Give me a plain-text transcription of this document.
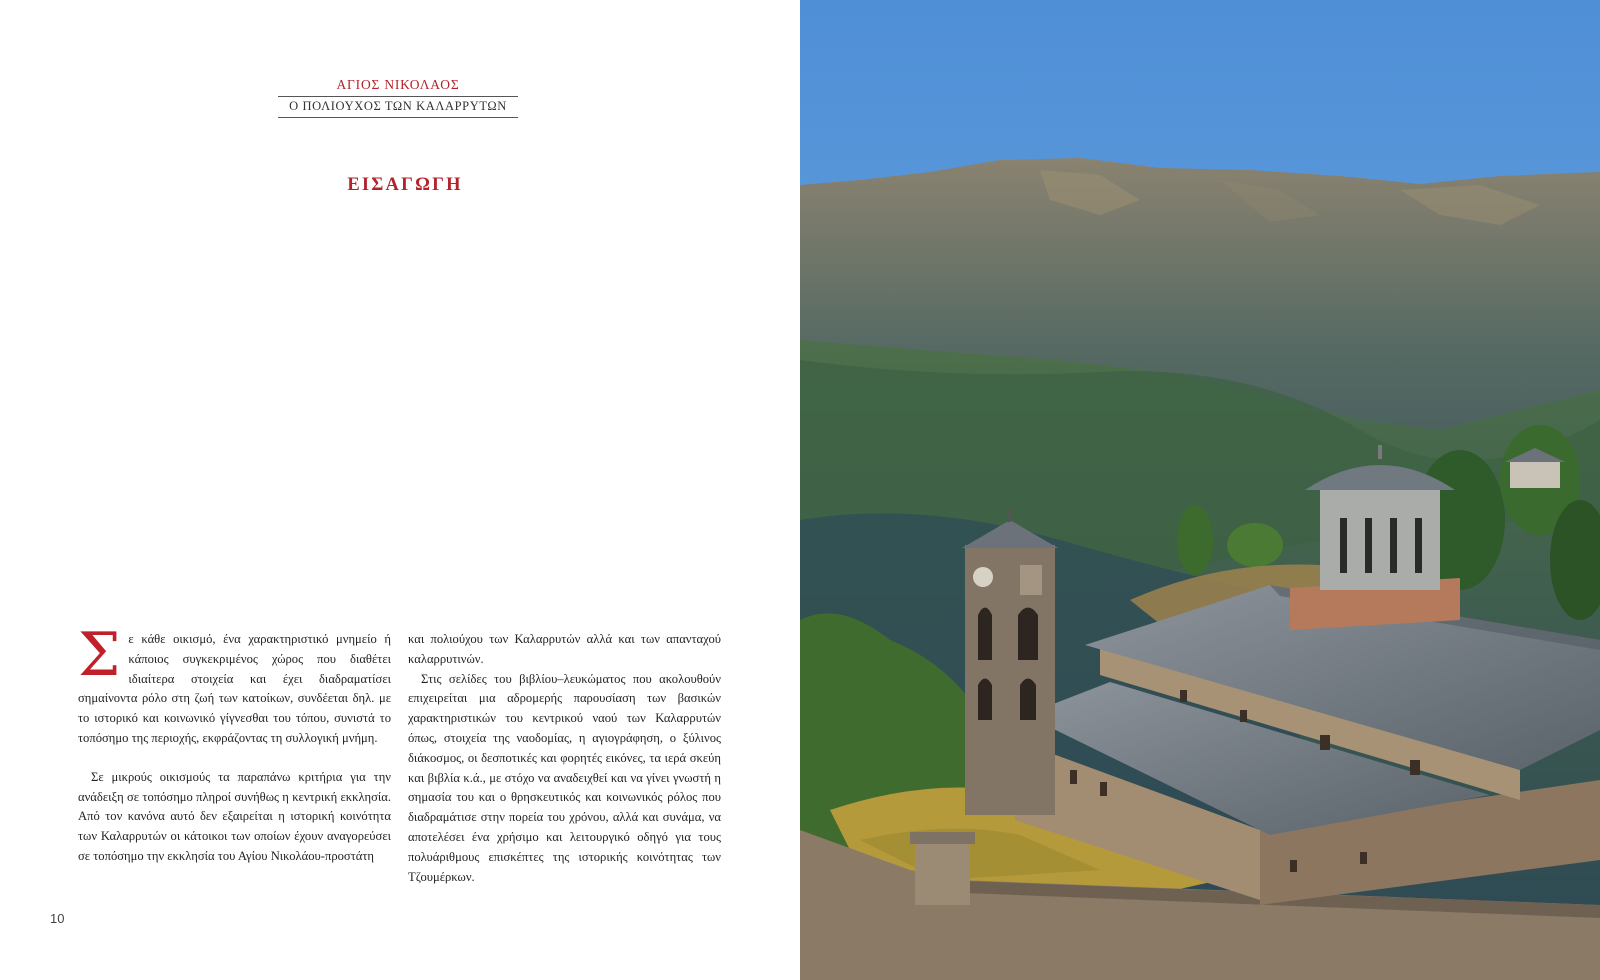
ΑΓΙΟΣ ΝΙΚΟΛΑΟΣ
Ο ΠΟΛΙΟΥΧΟΣ ΤΩΝ ΚΑΛΑΡΡΥΤΩΝ
ΕΙΣΑΓΩΓΗ
Σ ε κάθε οικισμό, ένα χαρακτηριστικό μνημείο ή κάποιος συγκεκριμένος χώρος που διαθέτει ιδιαίτερα στοιχεία και έχει διαδραματίσει σημαίνοντα ρόλο στη ζωή των κατοίκων, συνδέεται δηλ. με το ιστορικό και κοινωνικό γίγνεσθαι του τόπου, συνιστά το τοπόσημο της περιοχής, εκφράζοντας τη συλλογική μνήμη.

Σε μικρούς οικισμούς τα παραπάνω κριτήρια για την ανάδειξη σε τοπόσημο πληροί συνήθως η κεντρική εκκλησία. Από τον κανόνα αυτό δεν εξαιρείται η ιστορική κοινότητα των Καλαρρυτών οι κάτοικοι των οποίων έχουν αναγορεύσει σε τοπόσημο την εκκλησία του Αγίου Νικολάου-προστάτη

και πολιούχου των Καλαρρυτών αλλά και των απανταχού καλαρρυτινών.

Στις σελίδες του βιβλίου–λευκώματος που ακολουθούν επιχειρείται μια αδρομερής παρουσίαση των βασικών χαρακτηριστικών του κεντρικού ναού των Καλαρρυτών όπως, στοιχεία της ναοδομίας, η αγιογράφηση, ο ξύλινος διάκοσμος, οι δεσποτικές και φορητές εικόνες, τα ιερά σκεύη και βιβλία κ.ά., με στόχο να αναδειχθεί και να γίνει γνωστή η σημασία του και ο θρησκευτικός και κοινωνικός ρόλος που διαδραμάτισε στην πορεία του χρόνου, αλλά και συνάμα, να αποτελέσει ένα χρήσιμο και λειτουργικό οδηγό για τους πολυάριθμους επισκέπτες της ιστορικής κοινότητας των Τζουμέρκων.

10
